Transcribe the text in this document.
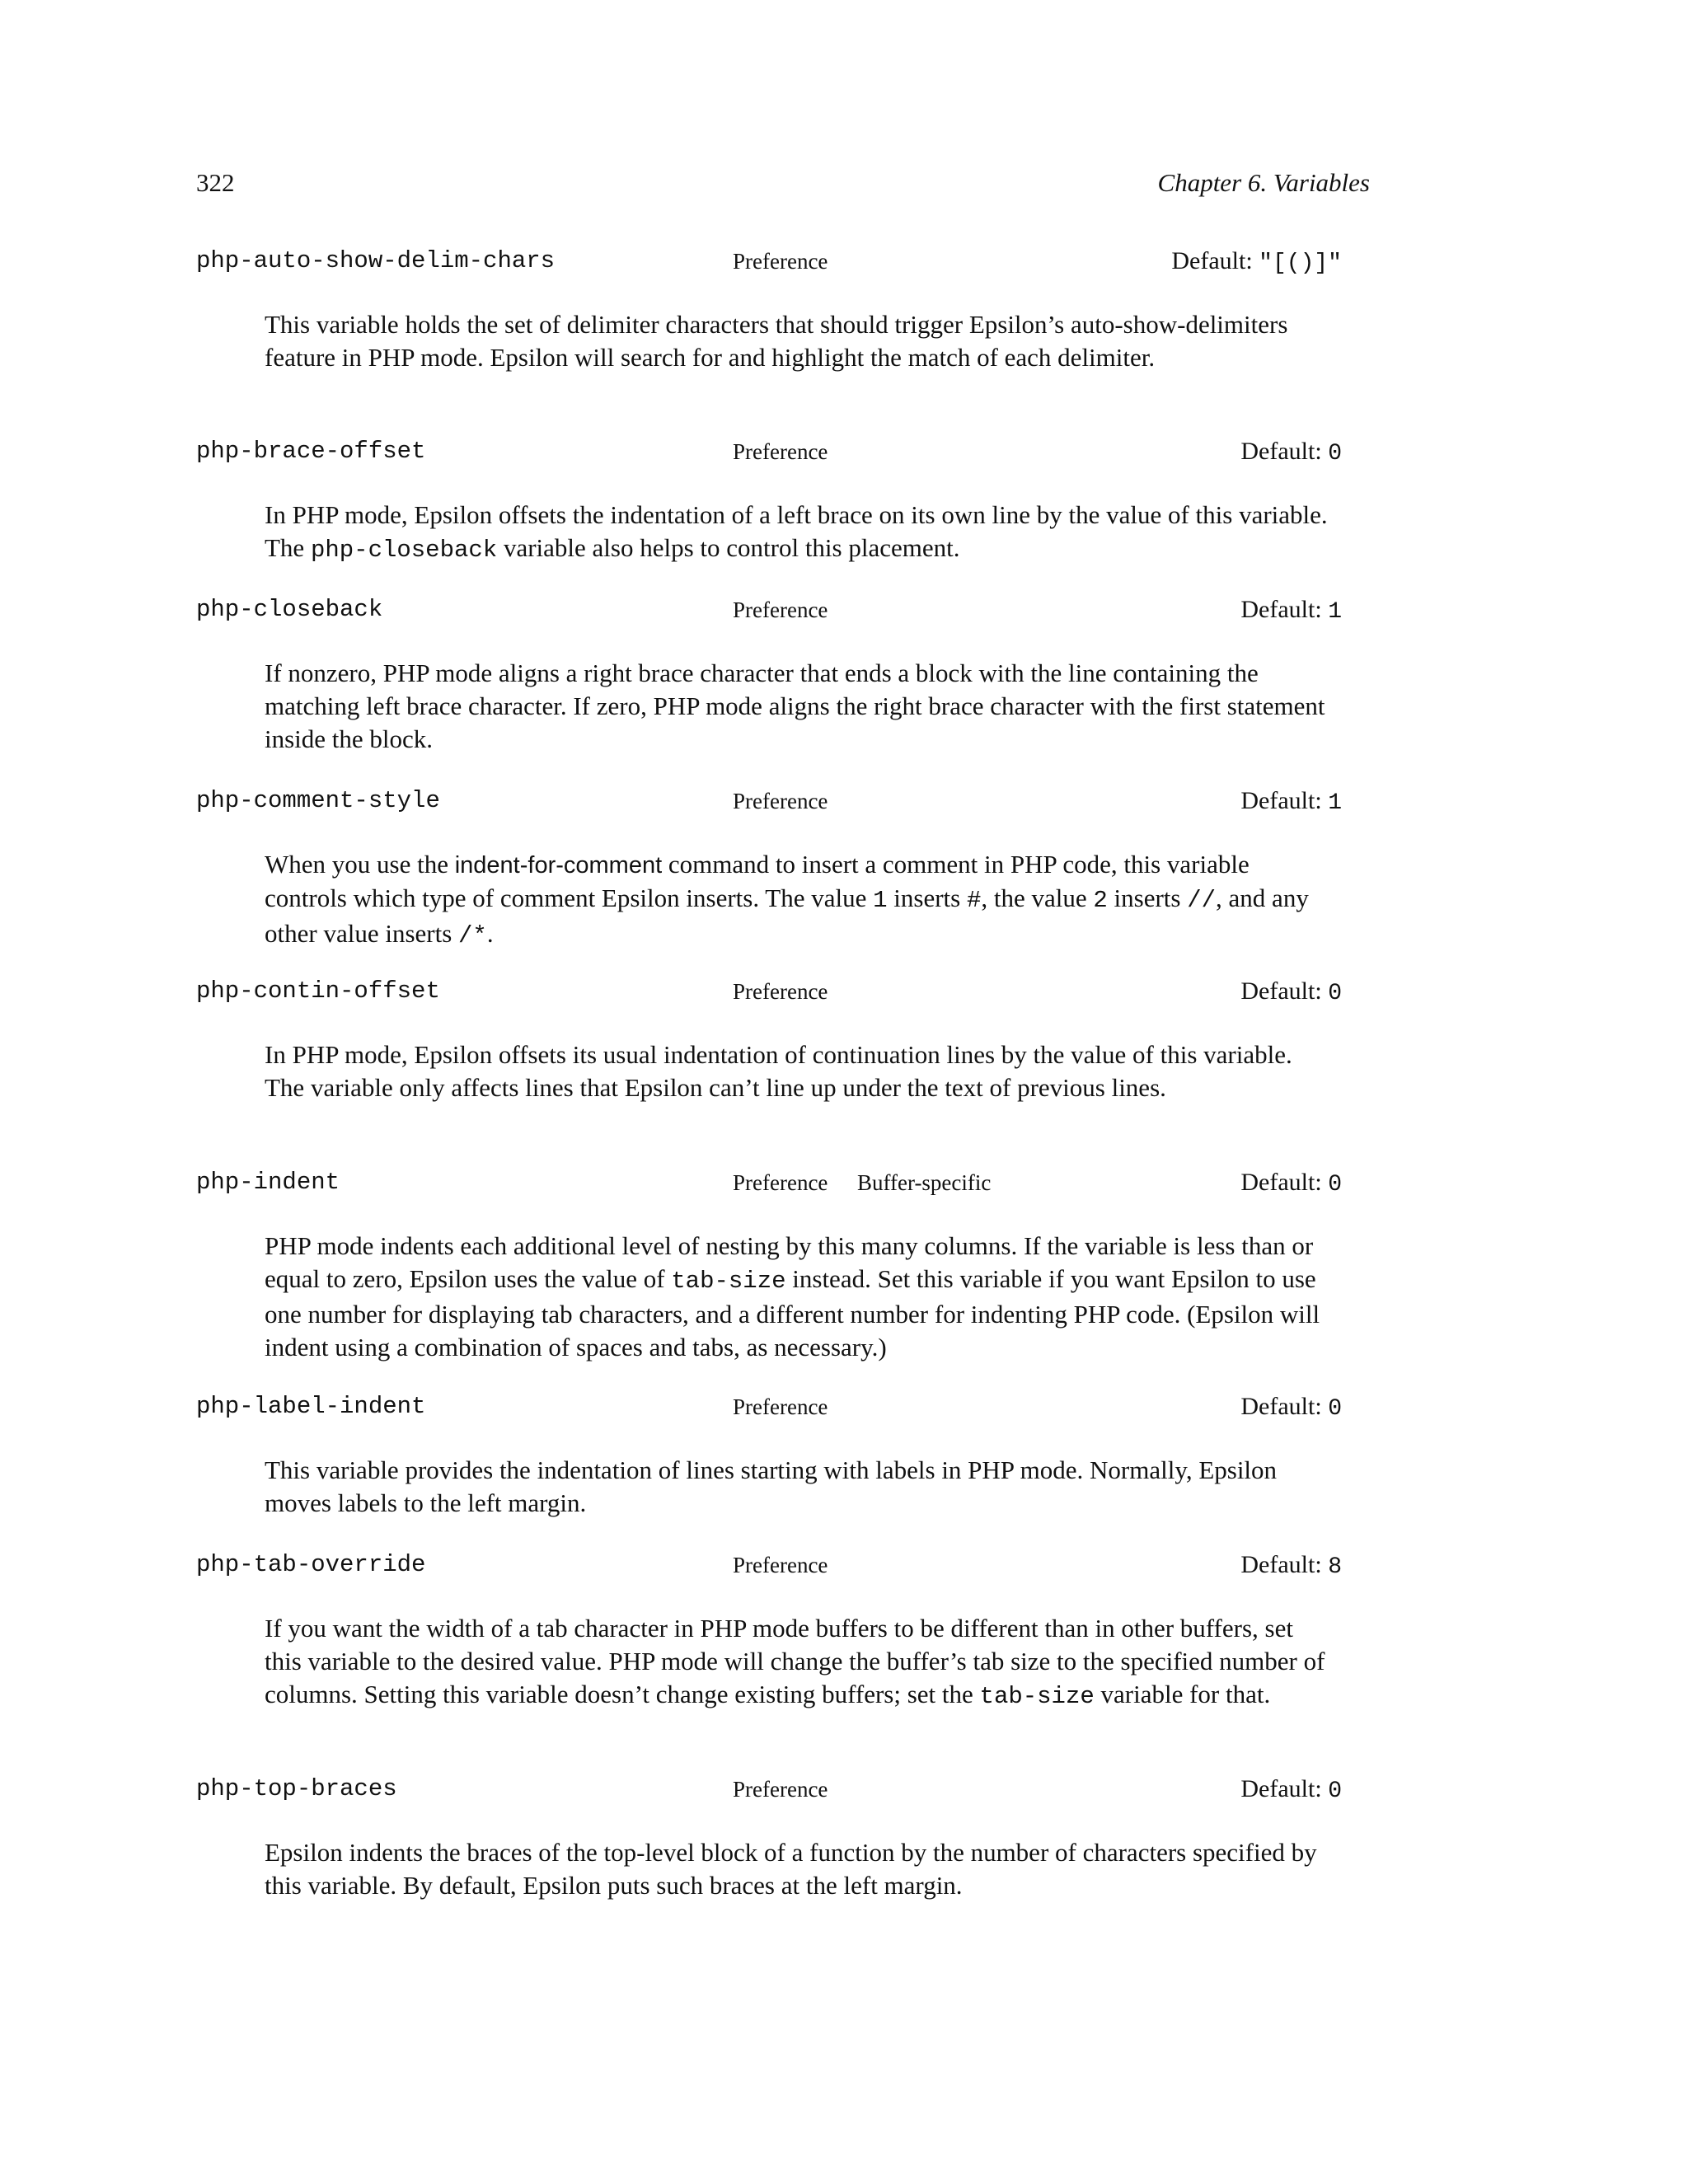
322	Chapter 6. Variables
php-auto-show-delim-chars	Preference	Default: "[()]"
This variable holds the set of delimiter characters that should trigger Epsilon’s auto-show-delimiters feature in PHP mode. Epsilon will search for and highlight the match of each delimiter.
php-brace-offset	Preference	Default: 0
In PHP mode, Epsilon offsets the indentation of a left brace on its own line by the value of this variable. The php-closeback variable also helps to control this placement.
php-closeback	Preference	Default: 1
If nonzero, PHP mode aligns a right brace character that ends a block with the line containing the matching left brace character. If zero, PHP mode aligns the right brace character with the first statement inside the block.
php-comment-style	Preference	Default: 1
When you use the indent-for-comment command to insert a comment in PHP code, this variable controls which type of comment Epsilon inserts. The value 1 inserts #, the value 2 inserts //, and any other value inserts /*.
php-contin-offset	Preference	Default: 0
In PHP mode, Epsilon offsets its usual indentation of continuation lines by the value of this variable. The variable only affects lines that Epsilon can’t line up under the text of previous lines.
php-indent	Preference Buffer-specific	Default: 0
PHP mode indents each additional level of nesting by this many columns. If the variable is less than or equal to zero, Epsilon uses the value of tab-size instead. Set this variable if you want Epsilon to use one number for displaying tab characters, and a different number for indenting PHP code. (Epsilon will indent using a combination of spaces and tabs, as necessary.)
php-label-indent	Preference	Default: 0
This variable provides the indentation of lines starting with labels in PHP mode. Normally, Epsilon moves labels to the left margin.
php-tab-override	Preference	Default: 8
If you want the width of a tab character in PHP mode buffers to be different than in other buffers, set this variable to the desired value. PHP mode will change the buffer’s tab size to the specified number of columns. Setting this variable doesn’t change existing buffers; set the tab-size variable for that.
php-top-braces	Preference	Default: 0
Epsilon indents the braces of the top-level block of a function by the number of characters specified by this variable. By default, Epsilon puts such braces at the left margin.
